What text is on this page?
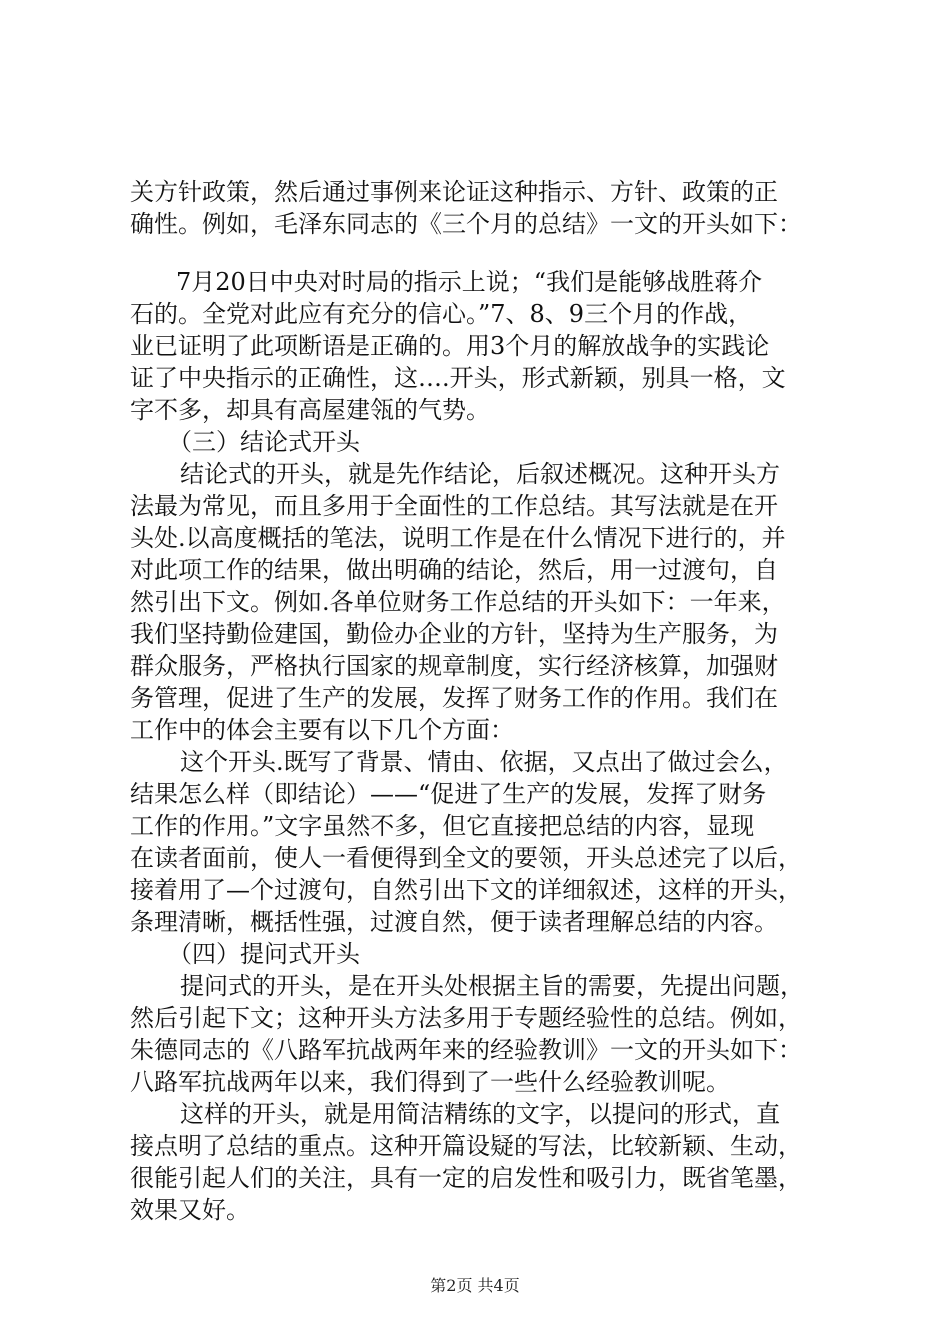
关方针政策，然后通过事例来论证这种指示、方针、政策的正
确性。例如，毛泽东同志的《三个月的总结》一文的开头如下：
　7月20日中央对时局的指示上说；“我们是能够战胜蒋介
石的。全党对此应有充分的信心。”7、8、9三个月的作战，
业已证明了此项断语是正确的。用3个月的解放战争的实践论
证了中央指示的正确性，这….开头，形式新颖，别具一格，文
字不多，却具有高屋建瓴的气势。
　（三）结论式开头
　结论式的开头，就是先作结论，后叙述概况。这种开头方
法最为常见，而且多用于全面性的工作总结。其写法就是在开
头处.以高度概括的笔法，说明工作是在什么情况下进行的，并
对此项工作的结果，做出明确的结论，然后，用一过渡句，自
然引出下文。例如.各单位财务工作总结的开头如下：一年来，
我们坚持勤俭建国，勤俭办企业的方针，坚持为生产服务，为
群众服务，严格执行国家的规章制度，实行经济核算，加强财
务管理，促进了生产的发展，发挥了财务工作的作用。我们在
工作中的体会主要有以下几个方面：
　这个开头.既写了背景、情由、依据，又点出了做过会么，
结果怎么样（即结论）——“促进了生产的发展，发挥了财务
工作的作用。”文字虽然不多，但它直接把总结的内容，显现
在读者面前，使人一看便得到全文的要领，开头总述完了以后，
接着用了—个过渡句，自然引出下文的详细叙述，这样的开头，
条理清晰，概括性强，过渡自然，便于读者理解总结的内容。
　（四）提问式开头
　提问式的开头，是在开头处根据主旨的需要，先提出问题，
然后引起下文；这种开头方法多用于专题经验性的总结。例如，
朱德同志的《八路军抗战两年来的经验教训》一文的开头如下：
八路军抗战两年以来，我们得到了一些什么经验教训呢。
　这样的开头，就是用简洁精练的文字，以提问的形式，直
接点明了总结的重点。这种开篇设疑的写法，比较新颖、生动，
很能引起人们的关注，具有一定的启发性和吸引力，既省笔墨，
效果又好。
第2页 共4页
